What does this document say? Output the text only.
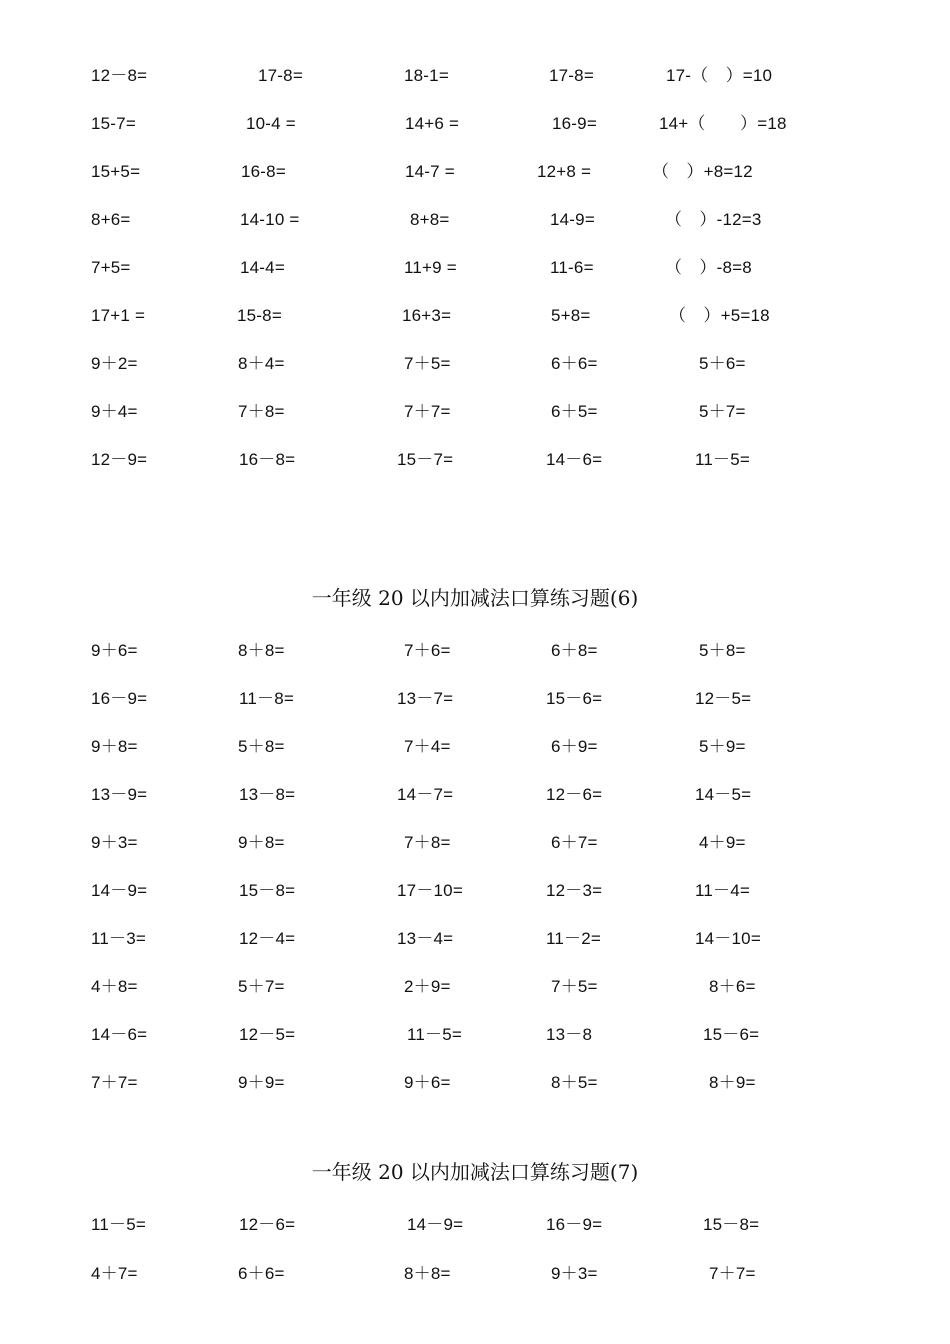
12－8=	17-8=	18-1=	17-8=	17-（　）=10
15-7=	10-4 =	14+6 =	16-9=	14+（　　）=18
15+5=	16-8=	14-7 =	12+8 =	（　）+8=12
8+6=	14-10 =	8+8=	14-9=	（　）-12=3
7+5=	14-4=	11+9 =	11-6=	（　）-8=8
17+1 =	15-8=	16+3=	5+8=	（　）+5=18
9＋2=	8＋4=	7＋5=	6＋6=	5＋6=
9＋4=	7＋8=	7＋7=	6＋5=	5＋7=
12－9=	16－8=	15－7=	14－6=	11－5=
一年级 20 以内加减法口算练习题(6)
9＋6=	8＋8=	7＋6=	6＋8=	5＋8=
16－9=	11－8=	13－7=	15－6=	12－5=
9＋8=	5＋8=	7＋4=	6＋9=	5＋9=
13－9=	13－8=	14－7=	12－6=	14－5=
9＋3=	9＋8=	7＋8=	6＋7=	4＋9=
14－9=	15－8=	17－10=	12－3=	11－4=
11－3=	12－4=	13－4=	11－2=	14－10=
4＋8=	5＋7=	2＋9=	7＋5=	8＋6=
14－6=	12－5=	11－5=	13－8	15－6=
7＋7=	9＋9=	9＋6=	8＋5=	8＋9=
一年级 20 以内加减法口算练习题(7)
11－5=	12－6=	14－9=	16－9=	15－8=
4＋7=	6＋6=	8＋8=	9＋3=	7＋7=
